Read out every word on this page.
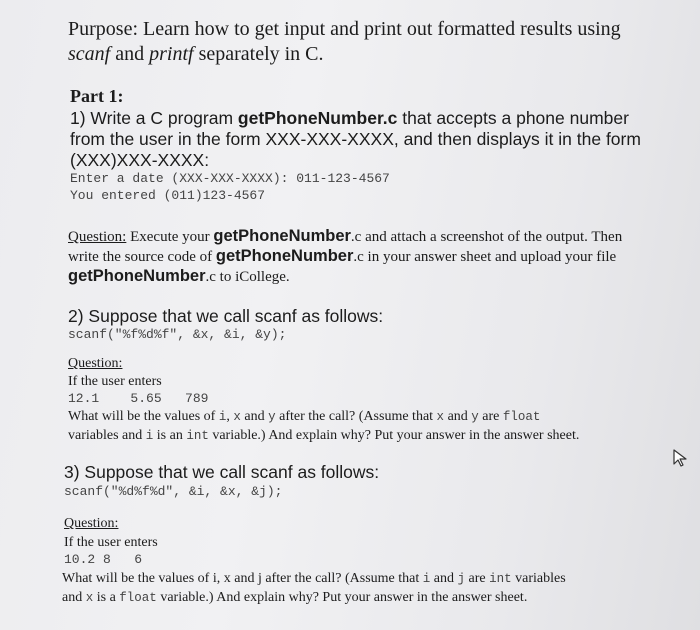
Purpose: Learn how to get input and print out formatted results using
scanf and printf separately in C.
Part 1:
1) Write a C program getPhoneNumber.c that accepts a phone number
from the user in the form XXX-XXX-XXXX, and then displays it in the form
(XXX)XXX-XXXX:
Enter a date (XXX-XXX-XXXX): 011-123-4567
You entered (011)123-4567
Question: Execute your getPhoneNumber.c and attach a screenshot of the output. Then
write the source code of getPhoneNumber.c in your answer sheet and upload your file
getPhoneNumber.c to iCollege.
2) Suppose that we call scanf as follows:
scanf("%f%d%f", &x, &i, &y);
Question:
If the user enters
12.1    5.65   789
What will be the values of i, x and y after the call? (Assume that x and y are float
variables and i is an int variable.) And explain why? Put your answer in the answer sheet.
3) Suppose that we call scanf as follows:
scanf("%d%f%d", &i, &x, &j);
Question:
If the user enters
10.2 8   6
What will be the values of i, x and j after the call? (Assume that i and j are int variables
and x is a float variable.) And explain why? Put your answer in the answer sheet.
